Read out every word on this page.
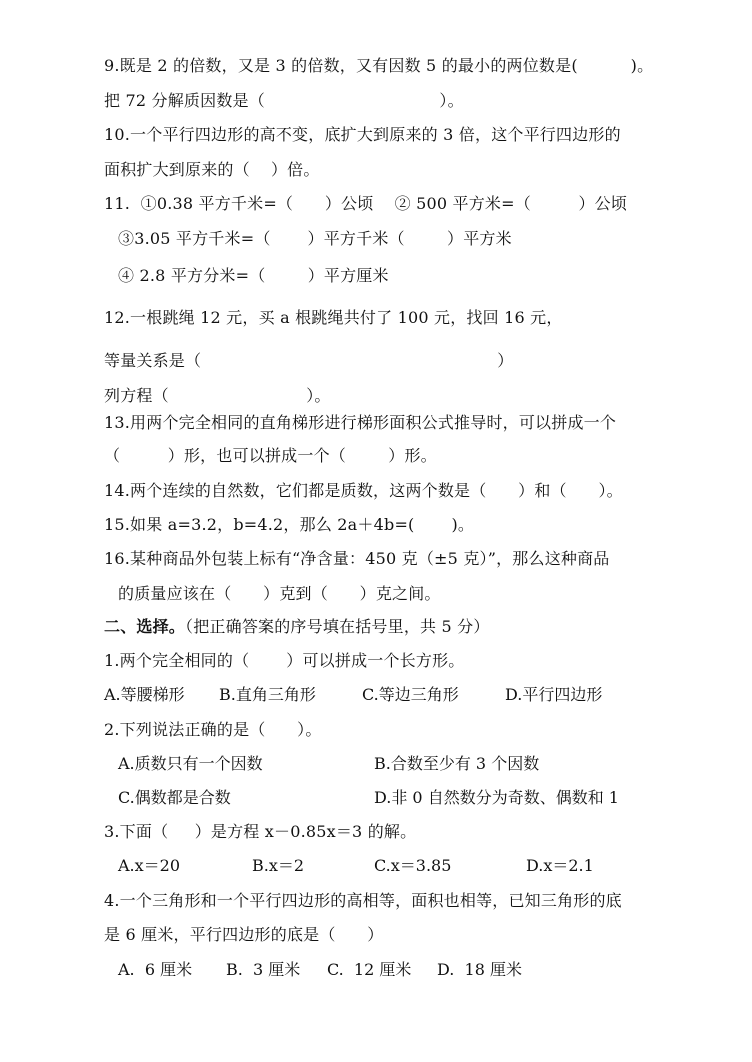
9.既是 2 的倍数，又是 3 的倍数，又有因数 5 的最小的两位数是(          )。
把 72 分解质因数是（                                 ）。
10.一个平行四边形的高不变，底扩大到原来的 3 倍，这个平行四边形的
面积扩大到原来的（    ）倍。
11.  ①0.38 平方千米=（      ）公顷    ② 500 平方米=（         ）公顷
③3.05 平方千米=（       ）平方千米（        ）平方米
④ 2.8 平方分米=（        ）平方厘米
12.一根跳绳 12 元，买 a 根跳绳共付了 100 元，找回 16 元，
等量关系是（                                                        ）
列方程（                          ）。
13.用两个完全相同的直角梯形进行梯形面积公式推导时，可以拼成一个
（         ）形，也可以拼成一个（        ）形。
14.两个连续的自然数，它们都是质数，这两个数是（      ）和（      ）。
15.如果 a=3.2，b=4.2，那么 2a＋4b=(       )。
16.某种商品外包装上标有“净含量：450 克（±5 克）”，那么这种商品
的质量应该在（      ）克到（      ）克之间。
二、选择。（把正确答案的序号填在括号里，共 5 分）
1.两个完全相同的（       ）可以拼成一个长方形。
A.等腰梯形 B.直角三角形	C.等边三角形	D.平行四边形
2.下列说法正确的是（      ）。
A.质数只有一个因数	B.合数至少有 3 个因数
C.偶数都是合数	D.非 0 自然数分为奇数、偶数和 1
3.下面（     ）是方程 x－0.85x＝3 的解。
A.x＝20	B.x＝2	C.x＝3.85	D.x＝2.1
4.一个三角形和一个平行四边形的高相等，面积也相等，已知三角形的底
是 6 厘米，平行四边形的底是（      ）
A.  6 厘米 B.  3 厘米 C.  12 厘米 D.  18 厘米
